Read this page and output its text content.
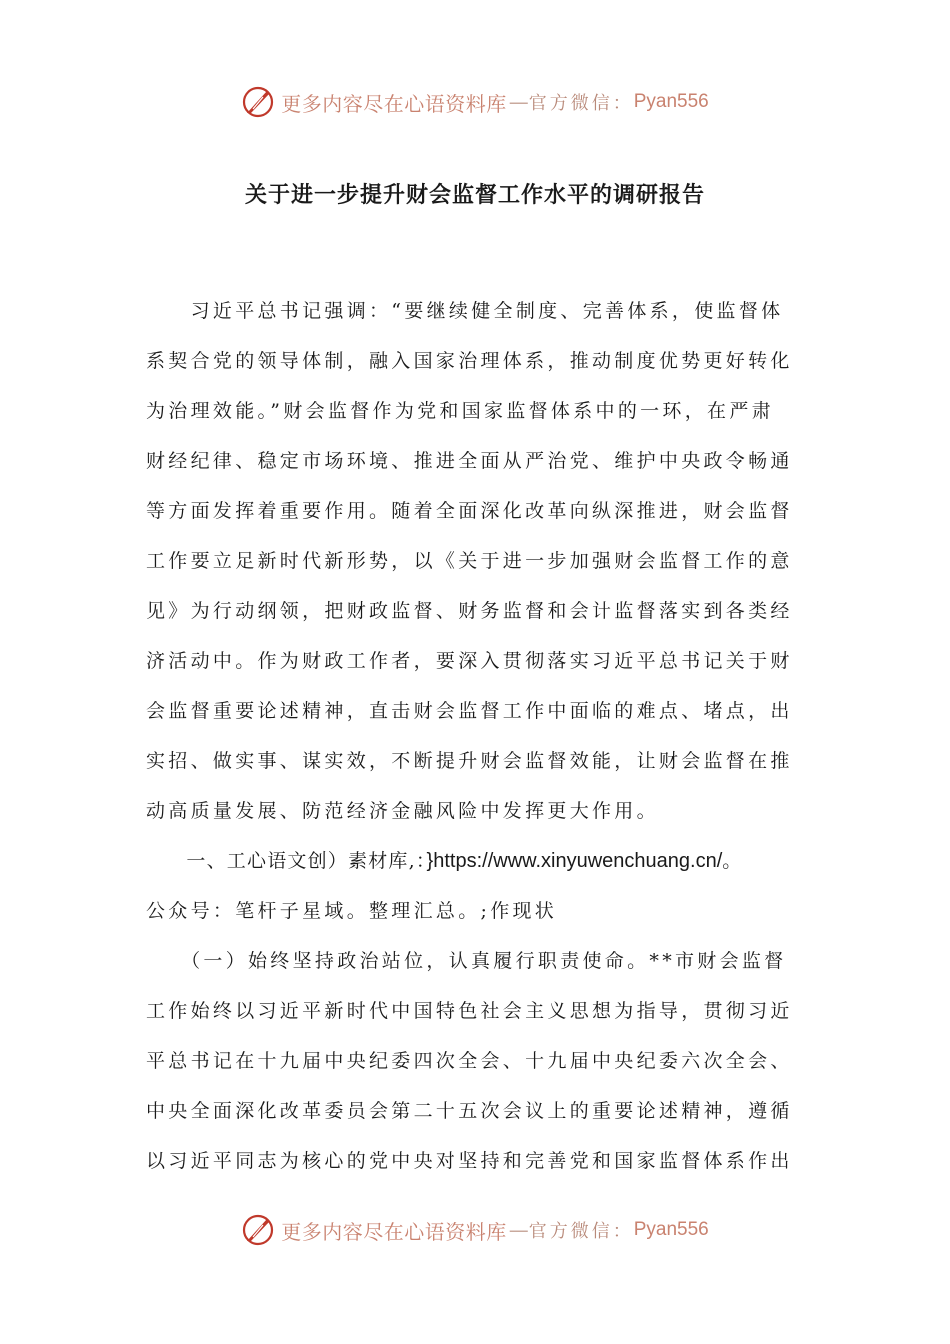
更多内容尽在心语资料库 — 官方微信： Pyan556
关于进一步提升财会监督工作水平的调研报告
　　习近平总书记强调：“要继续健全制度、完善体系，使监督体
系契合党的领导体制，融入国家治理体系，推动制度优势更好转化
为治理效能。”财会监督作为党和国家监督体系中的一环，在严肃
财经纪律、稳定市场环境、推进全面从严治党、维护中央政令畅通
等方面发挥着重要作用。随着全面深化改革向纵深推进，财会监督
工作要立足新时代新形势，以《关于进一步加强财会监督工作的意
见》为行动纲领，把财政监督、财务监督和会计监督落实到各类经
济活动中。作为财政工作者，要深入贯彻落实习近平总书记关于财
会监督重要论述精神，直击财会监督工作中面临的难点、堵点，出
实招、做实事、谋实效，不断提升财会监督效能，让财会监督在推
动高质量发展、防范经济金融风险中发挥更大作用。
　　一、工心语文创）素材库,：}https://www.xinyuwenchuang.cn/。
公众号：笔杆子星域。整理汇总。;作现状
　　（一）始终坚持政治站位，认真履行职责使命。**市财会监督
工作始终以习近平新时代中国特色社会主义思想为指导，贯彻习近
平总书记在十九届中央纪委四次全会、十九届中央纪委六次全会、
中央全面深化改革委员会第二十五次会议上的重要论述精神，遵循
以习近平同志为核心的党中央对坚持和完善党和国家监督体系作出
更多内容尽在心语资料库 — 官方微信： Pyan556
